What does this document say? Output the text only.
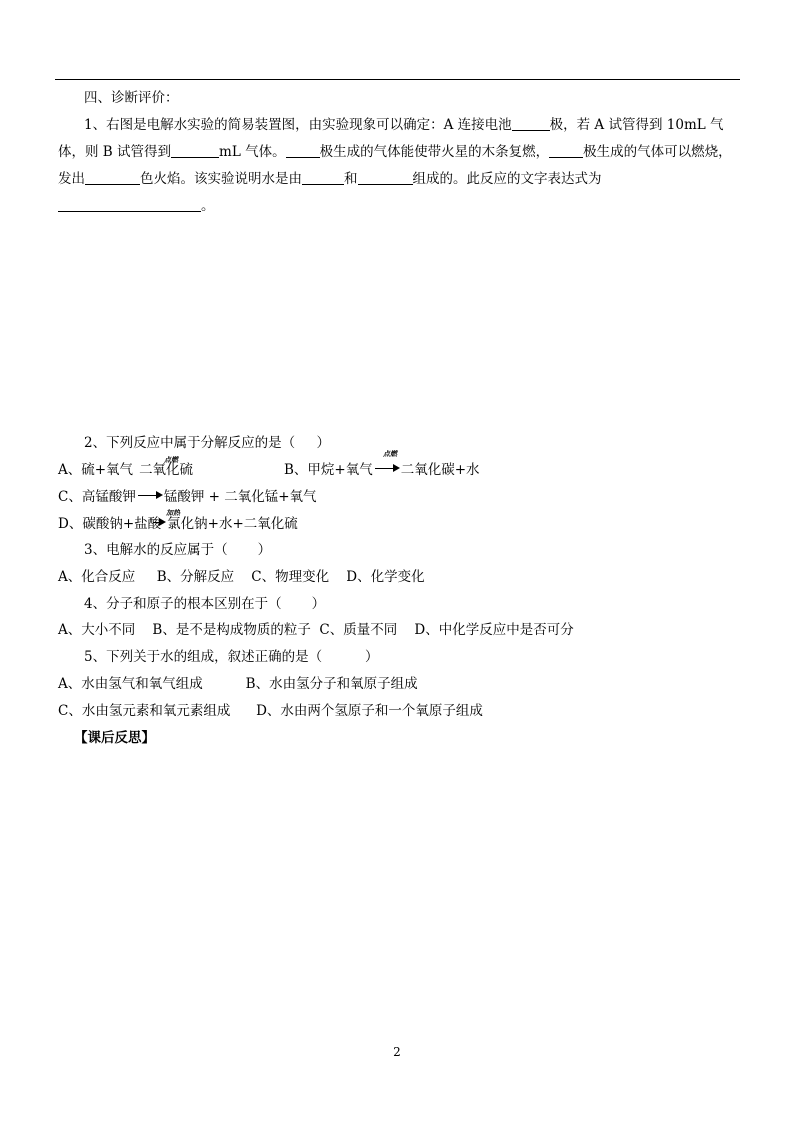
四、诊断评价：
1、右图是电解水实验的简易装置图，由实验现象可以确定：A 连接电池	极，若 A 试管得到 10mL 气
体，则 B 试管得到	mL 气体。	极生成的气体能使带火星的木条复燃，	极生成的气体可以燃烧，
发出	色火焰。该实验说明水是由	和	组成的。此反应的文字表达式为
。
2、下列反应中属于分解反应的是（     ）
A、硫+氧气 二氧化硫
点燃
B、甲烷+氧气 二氧化碳+水
点燃
C、高锰酸钾 锰酸钾 + 二氧化锰+氧气
D、碳酸钠+盐酸 氯化钠+水+二氧化硫
加热
3、电解水的反应属于（       ）
A、化合反应     B、分解反应    C、物理变化    D、化学变化
4、分子和原子的根本区别在于（       ）
A、大小不同    B、是不是构成物质的粒子  C、质量不同    D、中化学反应中是否可分
5、下列关于水的组成，叙述正确的是（          ）
A、水由氢气和氧气组成          B、水由氢分子和氧原子组成
C、水由氢元素和氧元素组成      D、水由两个氢原子和一个氧原子组成
【课后反思】
2
